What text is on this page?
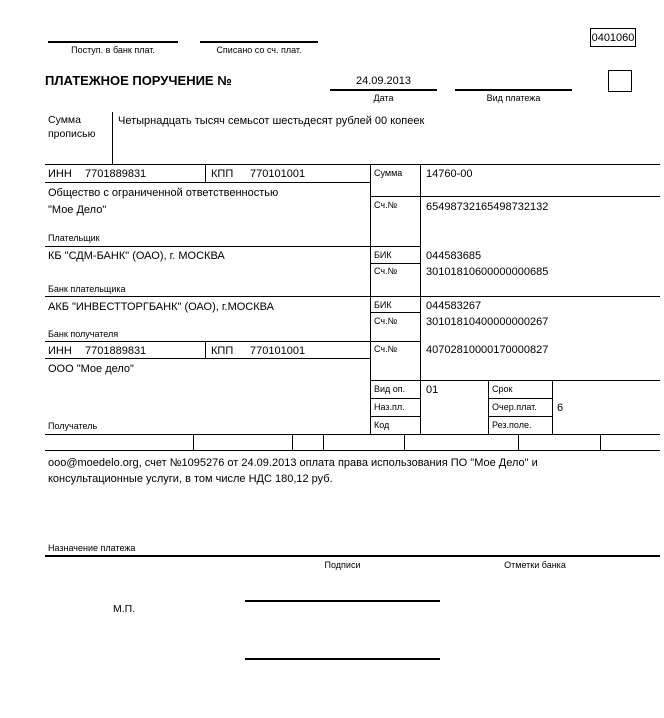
Поступ. в банк плат.	Списано со сч. плат.
0401060
ПЛАТЕЖНОЕ ПОРУЧЕНИЕ №	24.09.2013
Дата	Вид платежа
Сумма
прописью
Четырнадцать тысяч семьсот шестьдесят рублей 00 копеек
ИНН 7701889831	КПП 770101001
Общество с ограниченной ответственностью
"Мое Дело"
Плательщик
Сумма 14760-00
Сч.№	65498732165498732132
КБ "СДМ-БАНК" (ОАО), г. МОСКВА	БИК	044583685
Сч.№	30101810600000000685
Банк плательщика
АКБ "ИНВЕСТТОРГБАНК" (ОАО), г.МОСКВА	БИК	044583267
Сч.№	30101810400000000267
Банк получателя
ИНН 7701889831	КПП 770101001	Сч.№	40702810000170000827
ООО "Мое дело"
Получатель
Вид оп. 01	Срок
Наз.пл.	Очер.плат. 6
Код	Рез.поле.
ooo@moedelo.org, счет №1095276 от 24.09.2013 оплата права использования ПО "Мое Дело" и
консультационные услуги, в том числе НДС 180,12 руб.
Назначение платежа
Подписи	Отметки банка
М.П.
